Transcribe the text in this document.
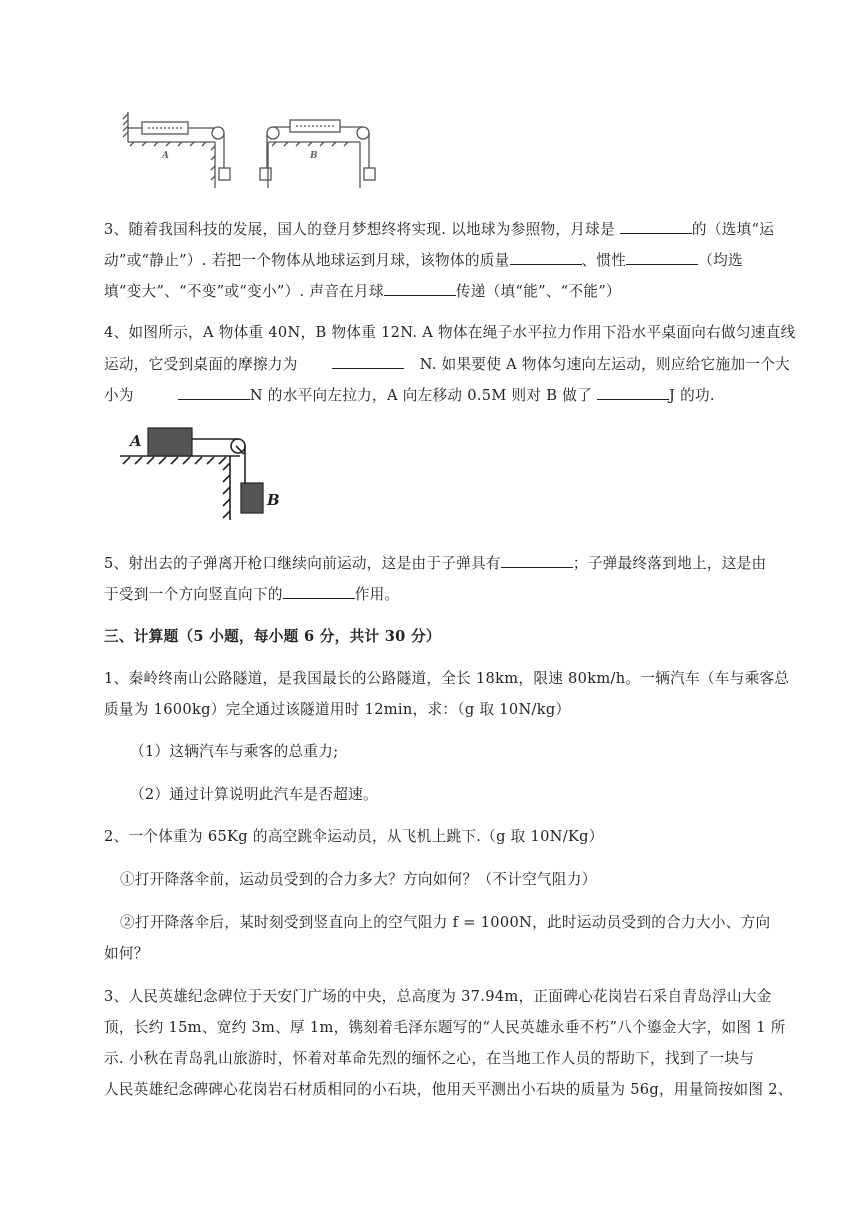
A	B
3、随着我国科技的发展，国人的登月梦想终将实现. 以地球为参照物，月球是	的（选填“运
动”或“静止”）. 若把一个物体从地球运到月球，该物体的质量	、惯性	（均选
填“变大”、“不变”或“变小”）. 声音在月球	传递（填“能”、“不能”）
4、如图所示，A 物体重 40N，B 物体重 12N. A 物体在绳子水平拉力作用下沿水平桌面向右做匀速直线
运动，它受到桌面的摩擦力为	N. 如果要使 A 物体匀速向左运动，则应给它施加一个大
小为	N 的水平向左拉力，A 向左移动 0.5M 则对 B 做了	J 的功.
A
B
5、射出去的子弹离开枪口继续向前运动，这是由于子弹具有	；子弹最终落到地上，这是由
于受到一个方向竖直向下的	作用。
三、计算题（5 小题，每小题 6 分，共计 30 分）
1、秦岭终南山公路隧道，是我国最长的公路隧道，全长 18km，限速 80km/h。一辆汽车（车与乘客总
质量为 1600kg）完全通过该隧道用时 12min，求：（g 取 10N/kg）
（1）这辆汽车与乘客的总重力;
（2）通过计算说明此汽车是否超速。
2、一个体重为 65Kg 的高空跳伞运动员，从飞机上跳下.（g 取 10N/Kg）
①打开降落伞前，运动员受到的合力多大？方向如何？（不计空气阻力）
②打开降落伞后，某时刻受到竖直向上的空气阻力 f = 1000N，此时运动员受到的合力大小、方向
如何？
3、人民英雄纪念碑位于天安门广场的中央，总高度为 37.94m，正面碑心花岗岩石采自青岛浮山大金
顶，长约 15m、宽约 3m、厚 1m，镌刻着毛泽东题写的“人民英雄永垂不朽”八个鎏金大字，如图 1 所
示. 小秋在青岛乳山旅游时，怀着对革命先烈的缅怀之心，在当地工作人员的帮助下，找到了一块与
人民英雄纪念碑碑心花岗岩石材质相同的小石块，他用天平测出小石块的质量为 56g，用量筒按如图 2、
